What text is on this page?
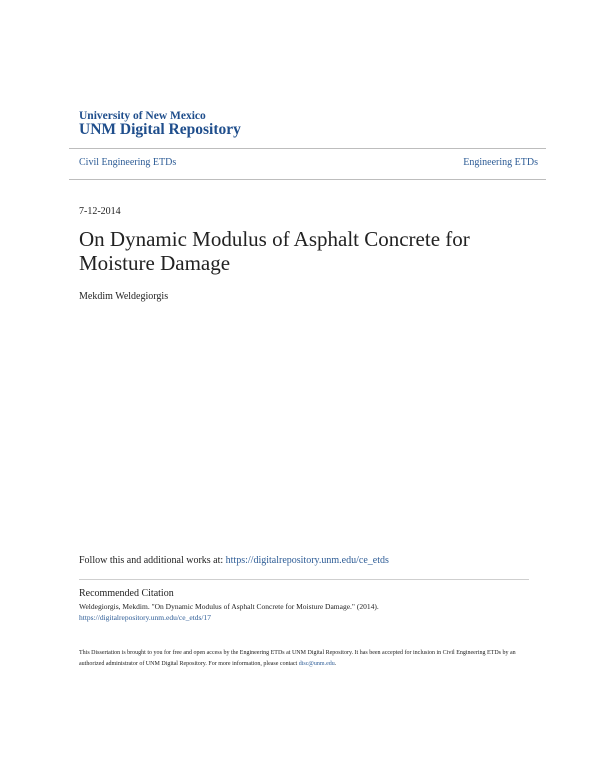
University of New Mexico
UNM Digital Repository
Civil Engineering ETDs	Engineering ETDs
7-12-2014
On Dynamic Modulus of Asphalt Concrete for Moisture Damage
Mekdim Weldegiorgis
Follow this and additional works at: https://digitalrepository.unm.edu/ce_etds
Recommended Citation
Weldegiorgis, Mekdim. "On Dynamic Modulus of Asphalt Concrete for Moisture Damage." (2014).
https://digitalrepository.unm.edu/ce_etds/17
This Dissertation is brought to you for free and open access by the Engineering ETDs at UNM Digital Repository. It has been accepted for inclusion in Civil Engineering ETDs by an authorized administrator of UNM Digital Repository. For more information, please contact disc@unm.edu.
